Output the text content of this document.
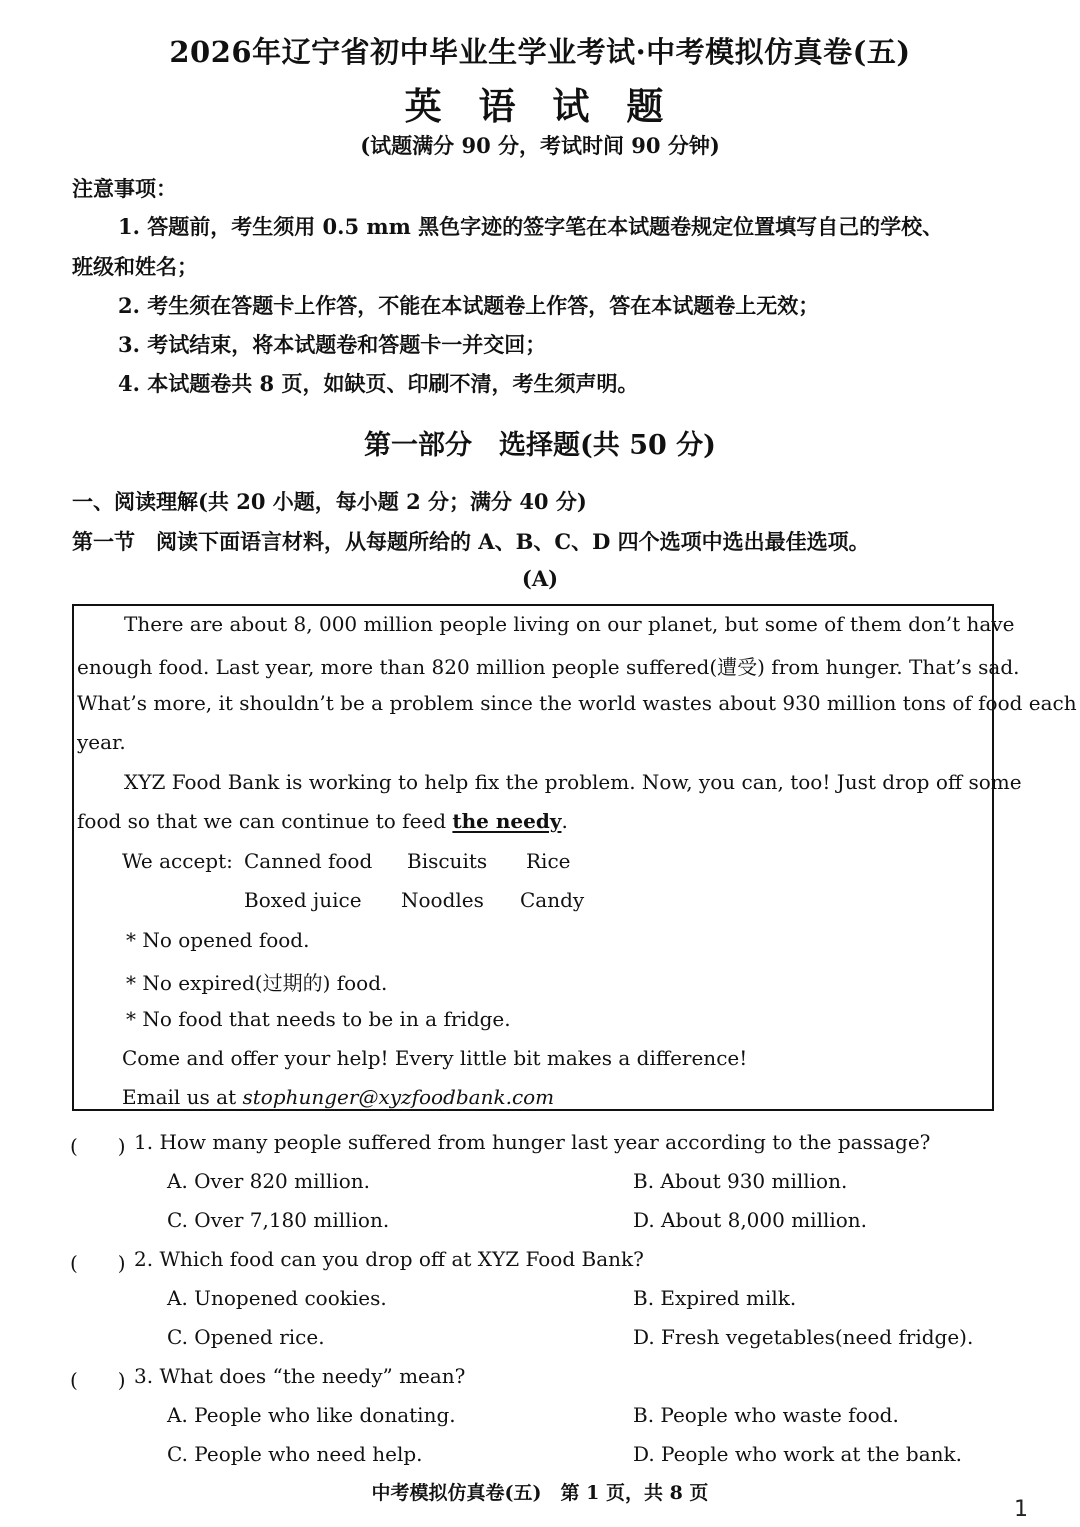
2026年辽宁省初中毕业生学业考试·中考模拟仿真卷(五)
英 语 试 题
(试题满分 90 分，考试时间 90 分钟)
注意事项：
1. 答题前，考生须用 0.5 mm 黑色字迹的签字笔在本试题卷规定位置填写自己的学校、
班级和姓名；
2. 考生须在答题卡上作答，不能在本试题卷上作答，答在本试题卷上无效；
3. 考试结束，将本试题卷和答题卡一并交回；
4. 本试题卷共 8 页，如缺页、印刷不清，考生须声明。
第一部分　选择题(共 50 分)
一、阅读理解(共 20 小题，每小题 2 分；满分 40 分)
第一节　阅读下面语言材料，从每题所给的 A、B、C、D 四个选项中选出最佳选项。
(A)
There are about 8, 000 million people living on our planet, but some of them don’t have
enough food. Last year, more than 820 million people suffered(遭受) from hunger. That’s sad.
What’s more, it shouldn’t be a problem since the world wastes about 930 million tons of food each
year.
XYZ Food Bank is working to help fix the problem. Now, you can, too! Just drop off some
food so that we can continue to feed the needy.
We accept: Canned food Biscuits Rice
Boxed juice Noodles Candy
* No opened food.
* No expired(过期的) food.
* No food that needs to be in a fridge.
Come and offer your help! Every little bit makes a difference!
Email us at stophunger@xyzfoodbank.com
(　　) 1. How many people suffered from hunger last year according to the passage?
A. Over 820 million.	B. About 930 million.
C. Over 7,180 million.	D. About 8,000 million.
(　　) 2. Which food can you drop off at XYZ Food Bank?
A. Unopened cookies.	B. Expired milk.
C. Opened rice.	D. Fresh vegetables(need fridge).
(　　) 3. What does “the needy” mean?
A. People who like donating.	B. People who waste food.
C. People who need help.	D. People who work at the bank.
中考模拟仿真卷(五)　第 1 页，共 8 页
1
